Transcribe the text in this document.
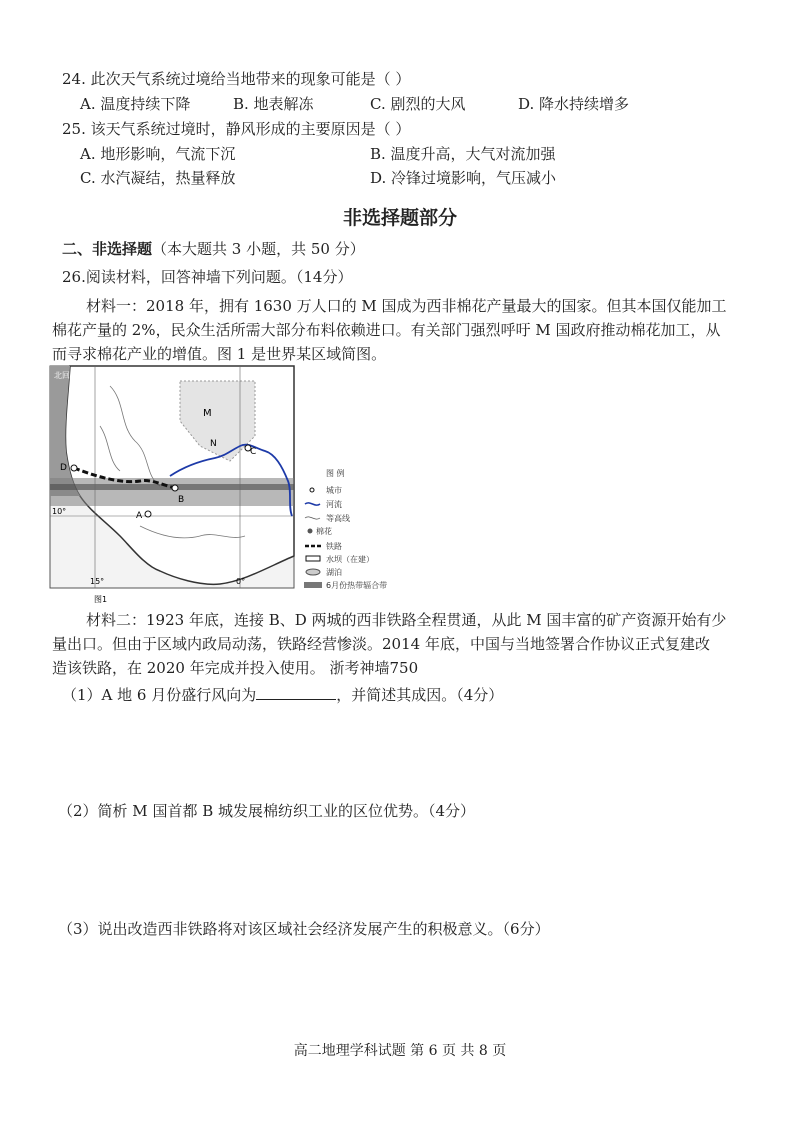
24. 此次天气系统过境给当地带来的现象可能是（ ）
A. 温度持续下降	B. 地表解冻	C. 剧烈的大风	D. 降水持续增多
25. 该天气系统过境时，静风形成的主要原因是（ ）
A. 地形影响，气流下沉	B. 温度升高，大气对流加强
C. 水汽凝结，热量释放	D. 冷锋过境影响，气压减小
非选择题部分
二、非选择题（本大题共 3 小题，共 50 分）
26.阅读材料，回答神墙下列问题。（14分）
材料一：2018 年，拥有 1630 万人口的 M 国成为西非棉花产量最大的国家。但其本国仅能加工
棉花产量的 2%，民众生活所需大部分布料依赖进口。有关部门强烈呼吁 M 国政府推动棉花加工，从
而寻求棉花产业的增值。图 1 是世界某区域简图。
北回归线
10°
15°	0°
M
N
C
D
B
A
图1
图 例
城市
河流
等高线
棉花
铁路
水坝（在建）
湖泊
6月份热带辐合带
材料二：1923 年底，连接 B、D 两城的西非铁路全程贯通，从此 M 国丰富的矿产资源开始有少
量出口。但由于区域内政局动荡，铁路经营惨淡。2014 年底，中国与当地签署合作协议正式复建改
造该铁路，在 2020 年完成并投入使用。 浙考神墙750
（1）A 地 6 月份盛行风向为	，并简述其成因。（4分）
（2）简析 M 国首都 B 城发展棉纺织工业的区位优势。（4分）
（3）说出改造西非铁路将对该区域社会经济发展产生的积极意义。（6分）
高二地理学科试题 第 6 页 共 8 页
